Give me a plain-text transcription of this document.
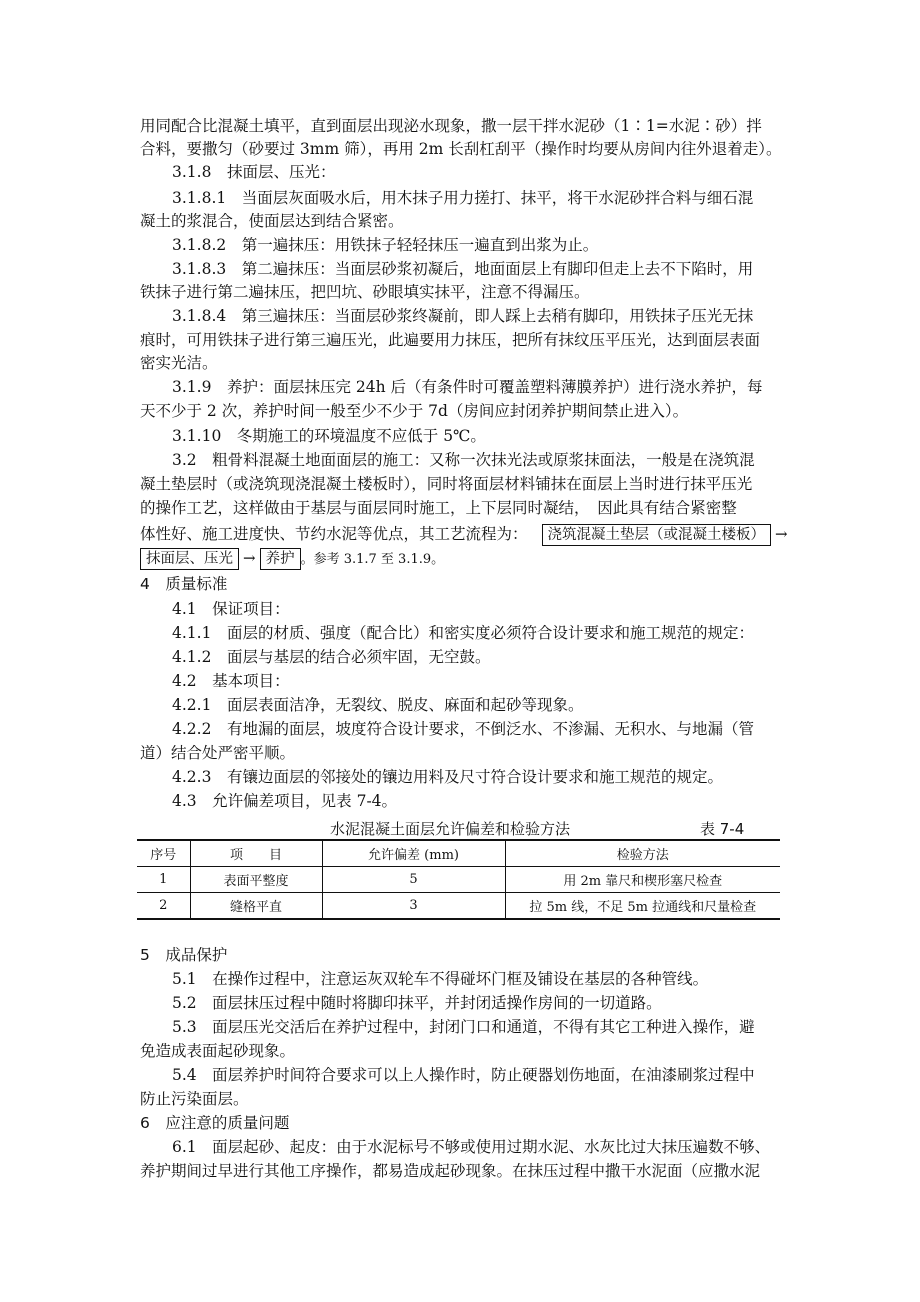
用同配合比混凝土填平，直到面层出现泌水现象，撒一层干拌水泥砂（1∶1=水泥∶砂）拌
合料，要撒匀（砂要过 3mm 筛），再用 2m 长刮杠刮平（操作时均要从房间内往外退着走）。
3.1.8　抹面层、压光：
3.1.8.1　当面层灰面吸水后，用木抹子用力搓打、抹平，将干水泥砂拌合料与细石混
凝土的浆混合，使面层达到结合紧密。
3.1.8.2　第一遍抹压：用铁抹子轻轻抹压一遍直到出浆为止。
3.1.8.3　第二遍抹压：当面层砂浆初凝后，地面面层上有脚印但走上去不下陷时，用
铁抹子进行第二遍抹压，把凹坑、砂眼填实抹平，注意不得漏压。
3.1.8.4　第三遍抹压：当面层砂浆终凝前，即人踩上去稍有脚印，用铁抹子压光无抹
痕时，可用铁抹子进行第三遍压光，此遍要用力抹压，把所有抹纹压平压光，达到面层表面
密实光洁。
3.1.9　养护：面层抹压完 24h 后（有条件时可覆盖塑料薄膜养护）进行浇水养护，每
天不少于 2 次，养护时间一般至少不少于 7d（房间应封闭养护期间禁止进入）。
3.1.10　冬期施工的环境温度不应低于 5℃。
3.2　粗骨料混凝土地面面层的施工：又称一次抹光法或原浆抹面法，一般是在浇筑混
凝土垫层时（或浇筑现浇混凝土楼板时），同时将面层材料铺抹在面层上当时进行抹平压光
的操作工艺，这样做由于基层与面层同时施工，上下层同时凝结，　因此具有结合紧密整
体性好、施工进度快、节约水泥等优点，其工艺流程为： 浇筑混凝土垫层（或混凝土楼板） →
抹面层、压光 → 养护 。参考 3.1.7 至 3.1.9。
4　质量标准
4.1　保证项目：
4.1.1　面层的材质、强度（配合比）和密实度必须符合设计要求和施工规范的规定：
4.1.2　面层与基层的结合必须牢固，无空鼓。
4.2　基本项目：
4.2.1　面层表面洁净，无裂纹、脱皮、麻面和起砂等现象。
4.2.2　有地漏的面层，坡度符合设计要求，不倒泛水、不渗漏、无积水、与地漏（管
道）结合处严密平顺。
4.2.3　有镶边面层的邻接处的镶边用料及尺寸符合设计要求和施工规范的规定。
4.3　允许偏差项目，见表 7-4。
水泥混凝土面层允许偏差和检验方法	表 7-4
序号	项　　目	允许偏差 (mm)	检验方法
1	表面平整度	5	用 2m 靠尺和楔形塞尺检查
2	缝格平直	3	拉 5m 线，不足 5m 拉通线和尺量检查
5　成品保护
5.1　在操作过程中，注意运灰双轮车不得碰坏门框及铺设在基层的各种管线。
5.2　面层抹压过程中随时将脚印抹平，并封闭适操作房间的一切道路。
5.3　面层压光交活后在养护过程中，封闭门口和通道，不得有其它工种进入操作，避
免造成表面起砂现象。
5.4　面层养护时间符合要求可以上人操作时，防止硬器划伤地面，在油漆刷浆过程中
防止污染面层。
6　应注意的质量问题
6.1　面层起砂、起皮：由于水泥标号不够或使用过期水泥、水灰比过大抹压遍数不够、
养护期间过早进行其他工序操作，都易造成起砂现象。在抹压过程中撒干水泥面（应撒水泥
